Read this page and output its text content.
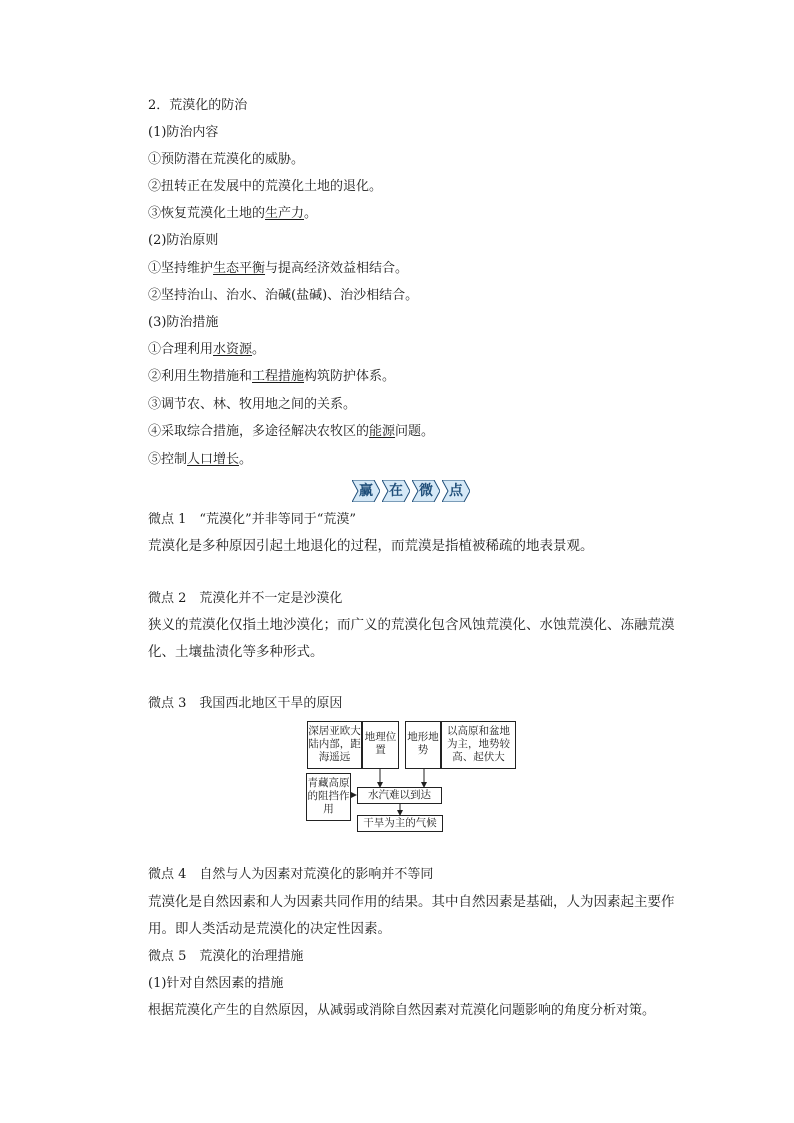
2．荒漠化的防治
(1)防治内容
①预防潜在荒漠化的威胁。
②扭转正在发展中的荒漠化土地的退化。
③恢复荒漠化土地的生产力。
(2)防治原则
①坚持维护生态平衡与提高经济效益相结合。
②坚持治山、治水、治碱(盐碱)、治沙相结合。
(3)防治措施
①合理利用水资源。
②利用生物措施和工程措施构筑防护体系。
③调节农、林、牧用地之间的关系。
④采取综合措施，多途径解决农牧区的能源问题。
⑤控制人口增长。
赢	在	微	点
微点 1　“荒漠化”并非等同于“荒漠”
荒漠化是多种原因引起土地退化的过程，而荒漠是指植被稀疏的地表景观。
微点 2　荒漠化并不一定是沙漠化
狭义的荒漠化仅指土地沙漠化；而广义的荒漠化包含风蚀荒漠化、水蚀荒漠化、冻融荒漠化、土壤盐渍化等多种形式。
微点 3　我国西北地区干旱的原因
深居亚欧大陆内部，距海遥远
地理位置
地形地势
以高原和盆地为主，地势较高、起伏大
青藏高原的阻挡作用
水汽难以到达
干旱为主的气候
微点 4　自然与人为因素对荒漠化的影响并不等同
荒漠化是自然因素和人为因素共同作用的结果。其中自然因素是基础，人为因素起主要作用。即人类活动是荒漠化的决定性因素。
微点 5　荒漠化的治理措施
(1)针对自然因素的措施
根据荒漠化产生的自然原因，从减弱或消除自然因素对荒漠化问题影响的角度分析对策。
